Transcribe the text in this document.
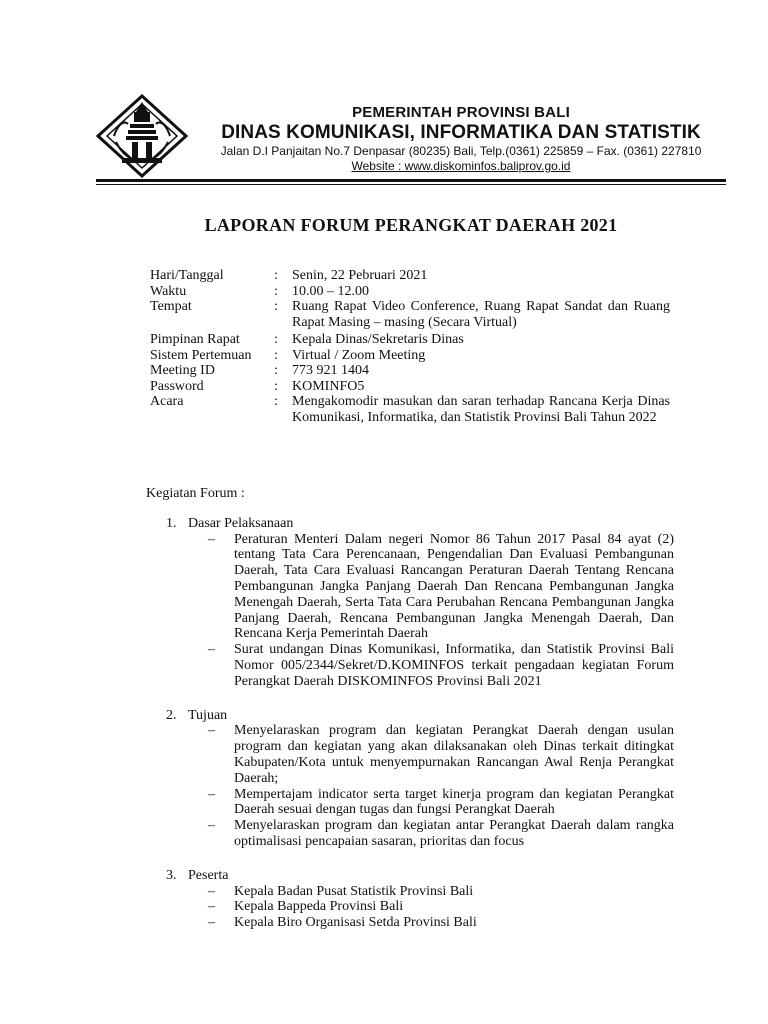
PEMERINTAH PROVINSI BALI
DINAS KOMUNIKASI, INFORMATIKA DAN STATISTIK
Jalan D.I Panjaitan No.7 Denpasar (80235) Bali, Telp.(0361) 225859 – Fax. (0361) 227810
Website : www.diskominfos.baliprov.go.id
LAPORAN FORUM PERANGKAT DAERAH 2021
Hari/Tanggal	:	Senin, 22 Pebruari 2021
Waktu	:	10.00 – 12.00
Tempat	:	Ruang Rapat Video Conference, Ruang Rapat Sandat dan Ruang Rapat Masing – masing (Secara Virtual)
Pimpinan Rapat	:	Kepala Dinas/Sekretaris Dinas
Sistem Pertemuan	:	Virtual / Zoom Meeting
Meeting ID	:	773 921 1404
Password	:	KOMINFO5
Acara	:	Mengakomodir masukan dan saran terhadap Rancana Kerja Dinas Komunikasi, Informatika, dan Statistik Provinsi Bali Tahun 2022
Kegiatan Forum :
1. Dasar Pelaksanaan
–	Peraturan Menteri Dalam negeri Nomor 86 Tahun 2017 Pasal 84 ayat (2) tentang Tata Cara Perencanaan, Pengendalian Dan Evaluasi Pembangunan Daerah, Tata Cara Evaluasi Rancangan Peraturan Daerah Tentang Rencana Pembangunan Jangka Panjang Daerah Dan Rencana Pembangunan Jangka Menengah Daerah, Serta Tata Cara Perubahan Rencana Pembangunan Jangka Panjang Daerah, Rencana Pembangunan Jangka Menengah Daerah, Dan Rencana Kerja Pemerintah Daerah
–	Surat undangan Dinas Komunikasi, Informatika, dan Statistik Provinsi Bali Nomor 005/2344/Sekret/D.KOMINFOS terkait pengadaan kegiatan Forum Perangkat Daerah DISKOMINFOS Provinsi Bali 2021
2. Tujuan
–	Menyelaraskan program dan kegiatan Perangkat Daerah dengan usulan program dan kegiatan yang akan dilaksanakan oleh Dinas terkait ditingkat Kabupaten/Kota untuk menyempurnakan Rancangan Awal Renja Perangkat Daerah;
–	Mempertajam indicator serta target kinerja program dan kegiatan Perangkat Daerah sesuai dengan tugas dan fungsi Perangkat Daerah
–	Menyelaraskan program dan kegiatan antar Perangkat Daerah dalam rangka optimalisasi pencapaian sasaran, prioritas dan focus
3. Peserta
–	Kepala Badan Pusat Statistik Provinsi Bali
–	Kepala Bappeda Provinsi Bali
–	Kepala Biro Organisasi Setda Provinsi Bali
